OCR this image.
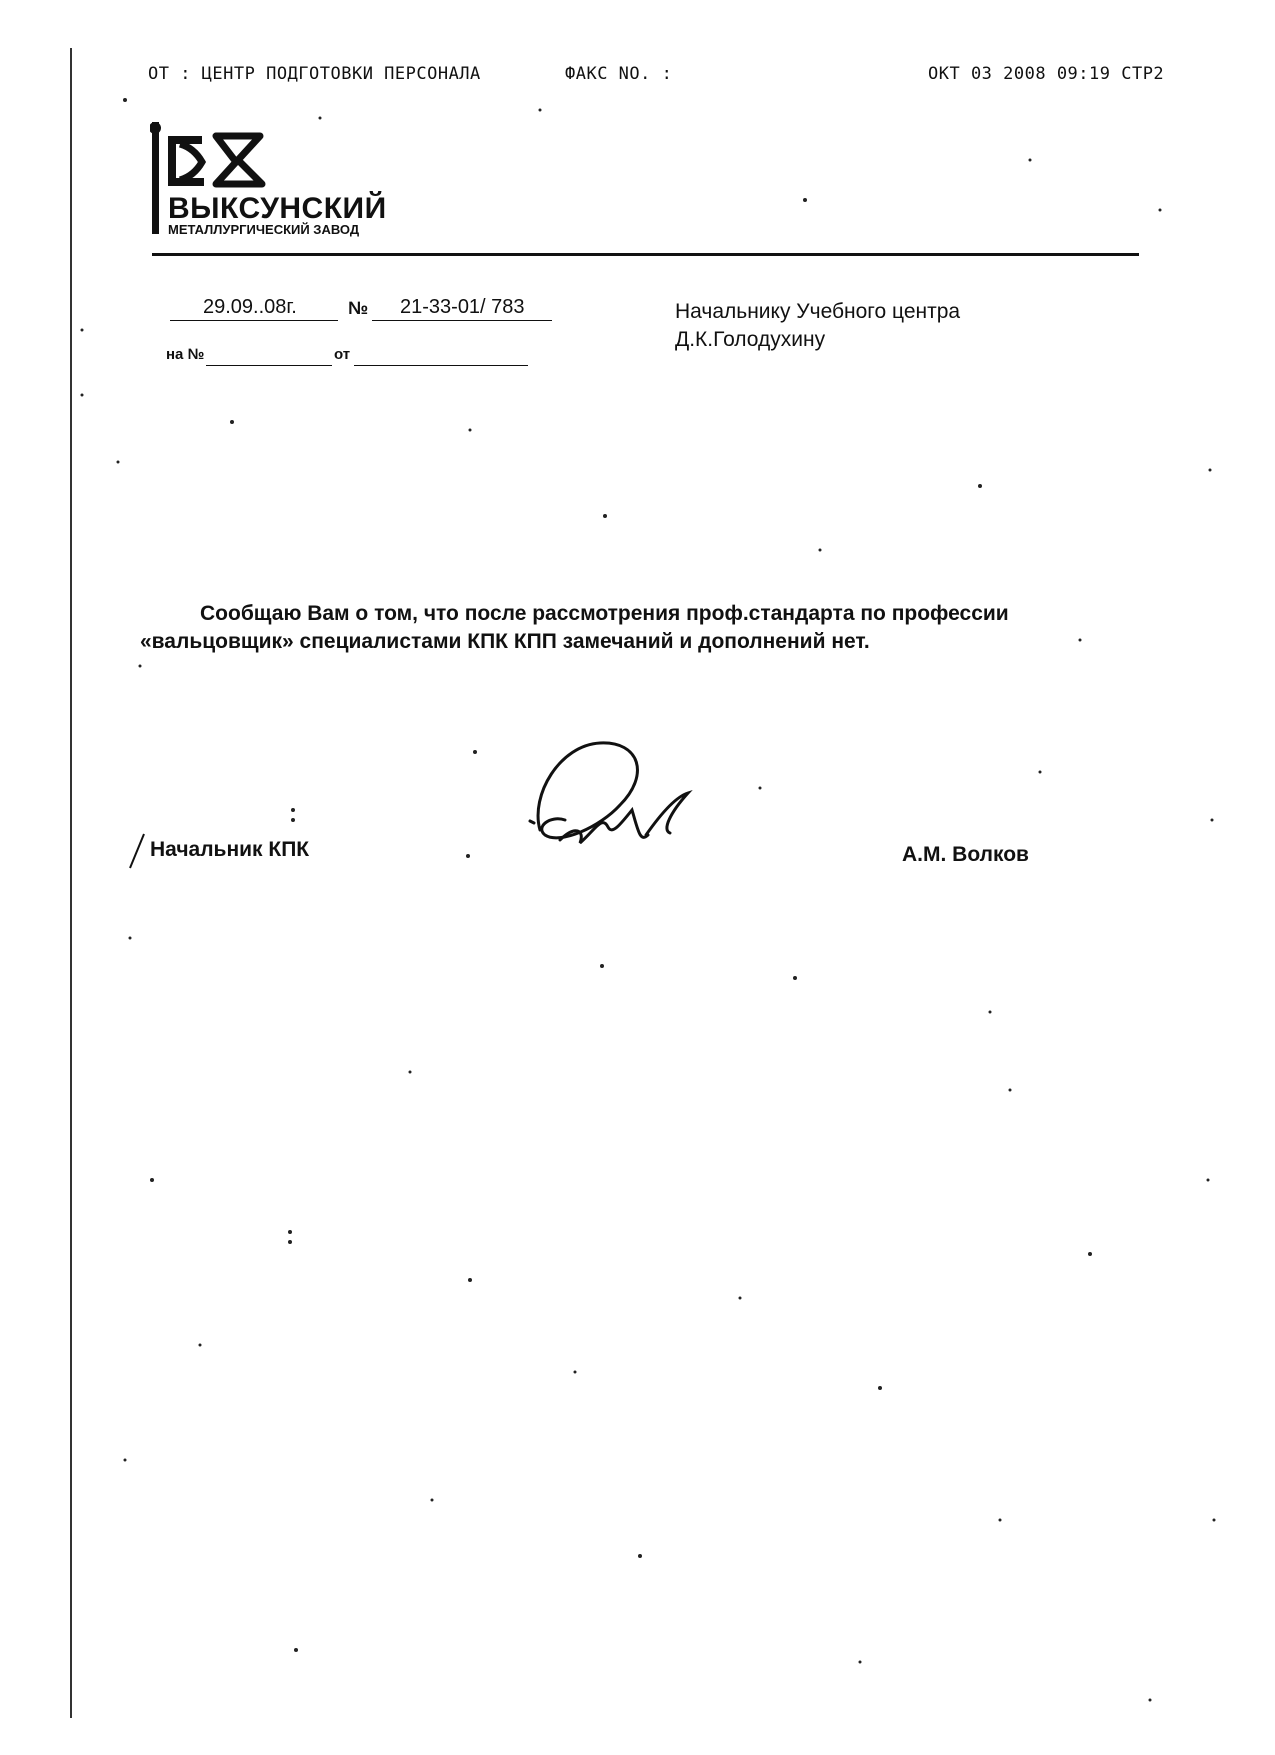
ОТ : ЦЕНТР ПОДГОТОВКИ ПЕРСОНАЛА	ФАКС NO. :	ОКТ 03 2008 09:19 СТР2
ВЫКСУНСКИЙ
МЕТАЛЛУРГИЧЕСКИЙ ЗАВОД
29.09..08г.	№ 21-33-01/ 783
на №	от
Начальнику Учебного центра
Д.К.Голодухину
Сообщаю Вам о том, что после рассмотрения проф.стандарта по профессии
«вальцовщик» специалистами КПК КПП замечаний и дополнений нет.
Начальник КПК	А.М. Волков
